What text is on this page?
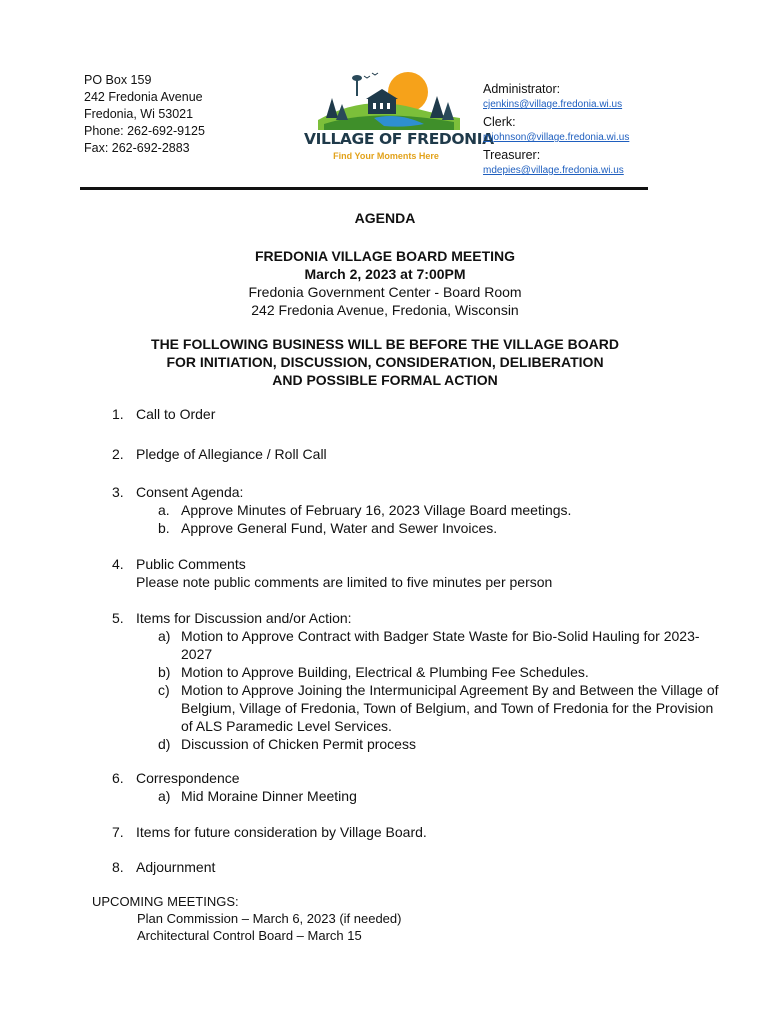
PO Box 159
242 Fredonia Avenue
Fredonia, Wi 53021
Phone: 262-692-9125
Fax: 262-692-2883	VILLAGE OF FREDONIA
Find Your Moments Here
Administrator:
cjenkins@village.fredonia.wi.us
Clerk:
mjohnson@village.fredonia.wi.us
Treasurer:
mdepies@village.fredonia.wi.us
AGENDA
FREDONIA VILLAGE BOARD MEETING
March 2, 2023 at 7:00PM
Fredonia Government Center - Board Room
242 Fredonia Avenue, Fredonia, Wisconsin
THE FOLLOWING BUSINESS WILL BE BEFORE THE VILLAGE BOARD
FOR INITIATION, DISCUSSION, CONSIDERATION, DELIBERATION
AND POSSIBLE FORMAL ACTION
1. Call to Order
2. Pledge of Allegiance / Roll Call
3. Consent Agenda:
a. Approve Minutes of February 16, 2023 Village Board meetings.
b. Approve General Fund, Water and Sewer Invoices.
4. Public Comments
Please note public comments are limited to five minutes per person
5. Items for Discussion and/or Action:
a) Motion to Approve Contract with Badger State Waste for Bio-Solid Hauling for 2023-2027
b) Motion to Approve Building, Electrical & Plumbing Fee Schedules.
c) Motion to Approve Joining the Intermunicipal Agreement By and Between the Village of Belgium, Village of Fredonia, Town of Belgium, and Town of Fredonia for the Provision of ALS Paramedic Level Services.
d) Discussion of Chicken Permit process
6. Correspondence
a) Mid Moraine Dinner Meeting
7. Items for future consideration by Village Board.
8. Adjournment
UPCOMING MEETINGS:
Plan Commission – March 6, 2023 (if needed)
Architectural Control Board – March 15
